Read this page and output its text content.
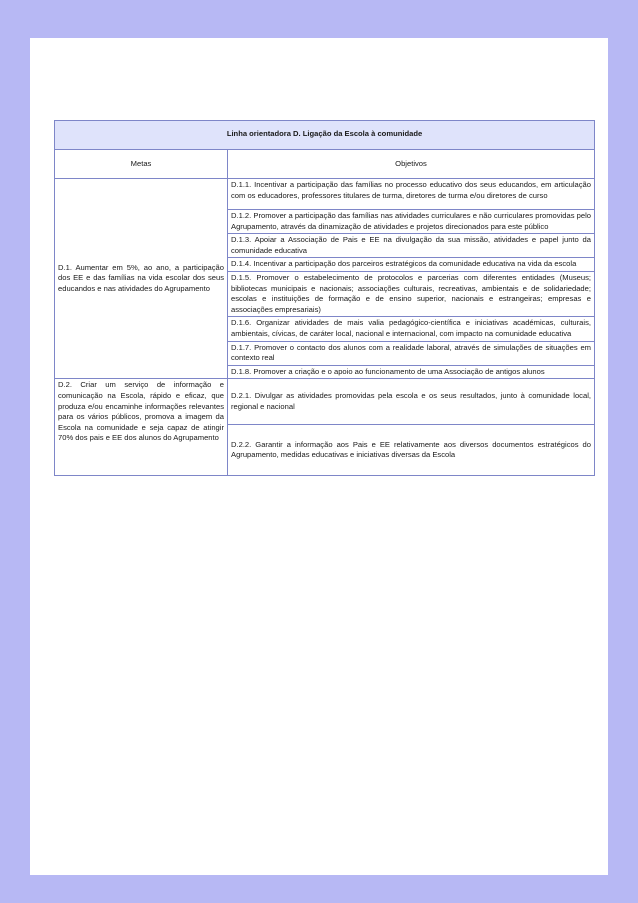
Linha orientadora D. Ligação da Escola à comunidade	
Metas	Objetivos
D.1. Aumentar em 5%, ao ano, a participação dos EE e das famílias na vida escolar dos seus educandos e nas atividades do Agrupamento	D.1.1. Incentivar a participação das famílias no processo educativo dos seus educandos, em articulação com os educadores, professores titulares de turma, diretores de turma e/ou diretores de curso
	D.1.2. Promover a participação das famílias nas atividades curriculares e não curriculares promovidas pelo Agrupamento, através da dinamização de atividades e projetos direcionados para este público
	D.1.3. Apoiar a Associação de Pais e EE na divulgação da sua missão, atividades e papel junto da comunidade educativa
	D.1.4. Incentivar a participação dos parceiros estratégicos da comunidade educativa na vida da escola
	D.1.5. Promover o estabelecimento de protocolos e parcerias com diferentes entidades (Museus; bibliotecas municipais e nacionais; associações culturais, recreativas, ambientais e de solidariedade; escolas e instituições de formação e de ensino superior, nacionais e estrangeiras; empresas e associações empresariais)
	D.1.6. Organizar atividades de mais valia pedagógico-científica e iniciativas académicas, culturais, ambientais, cívicas, de caráter local, nacional e internacional, com impacto na comunidade educativa
	D.1.7. Promover o contacto dos alunos com a realidade laboral, através de simulações de situações em contexto real
	D.1.8. Promover a criação e o apoio ao funcionamento de uma Associação de antigos alunos
D.2. Criar um serviço de informação e comunicação na Escola, rápido e eficaz, que produza e/ou encaminhe informações relevantes para os vários públicos, promova a imagem da Escola na comunidade e seja capaz de atingir 70% dos pais e EE dos alunos do Agrupamento	D.2.1. Divulgar as atividades promovidas pela escola e os seus resultados, junto à comunidade local, regional e nacional
	D.2.2. Garantir a informação aos Pais e EE relativamente aos diversos documentos estratégicos do Agrupamento, medidas educativas e iniciativas diversas da Escola
